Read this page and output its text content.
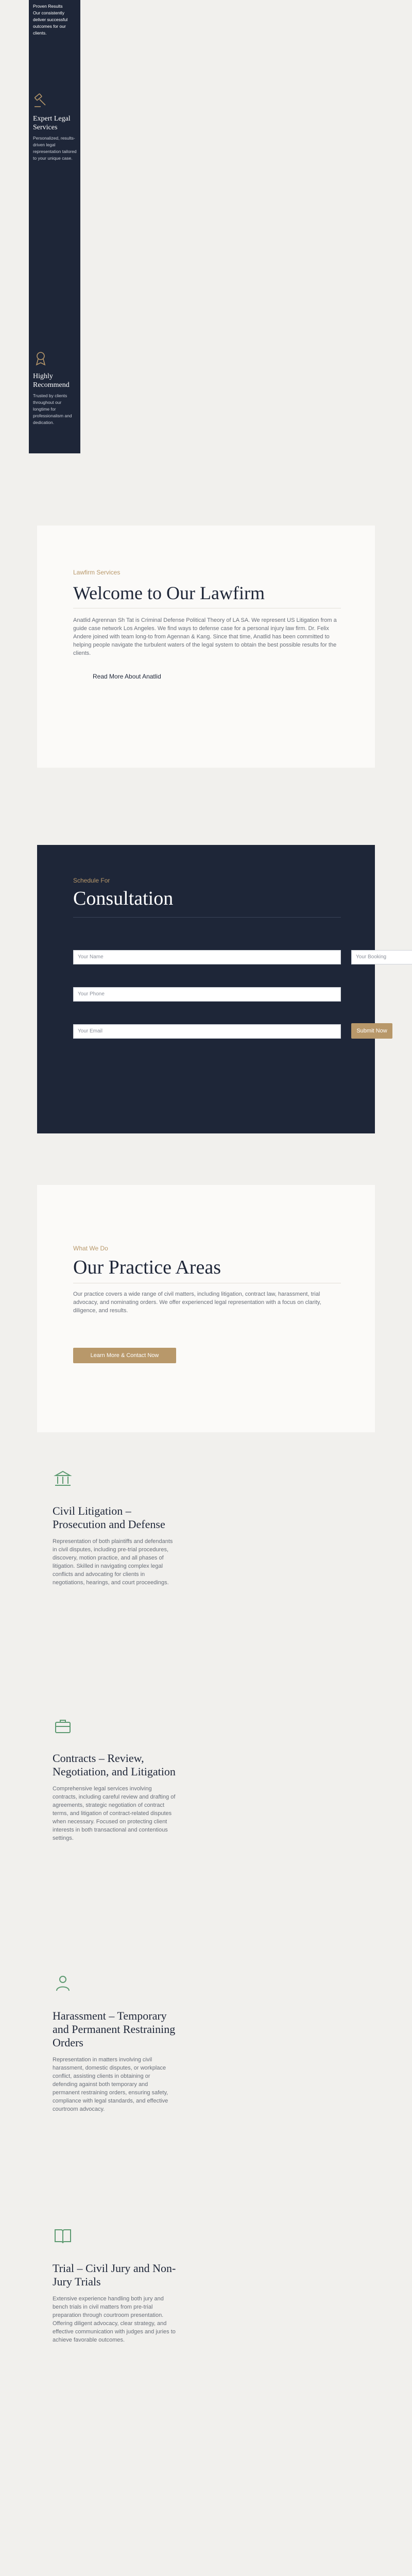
Proven Results
Our consistently deliver successful outcomes for our clients.
Expert Legal Services
Personalized, results-driven legal representation tailored to your unique case.
Highly Recommend
Trusted by clients throughout our longtime for professionalism and dedication.
Lawfirm Services
Welcome to Our Lawfirm
Anatlid Agrennan Sh Tat is Criminal Defense Political Theory of LA SA. We represent US Litigation from a guide case network Los Angeles. We find ways to defense case for a personal injury law firm. Dr. Felix Andere joined with team long-to from Agennan & Kang. Since that time, Anatlid has been committed to helping people navigate the turbulent waters of the legal system to obtain the best possible results for the clients.
Read More About Anatlid
Schedule For
Consultation
Your Name	Your Booking
Your Phone
Your Email	Submit Now
What We Do
Our Practice Areas
Our practice covers a wide range of civil matters, including litigation, contract law, harassment, trial advocacy, and nominating orders. We offer experienced legal representation with a focus on clarity, diligence, and results.
Learn More & Contact Now
Civil Litigation – Prosecution and Defense
Representation of both plaintiffs and defendants in civil disputes, including pre-trial procedures, discovery, motion practice, and all phases of litigation. Skilled in navigating complex legal conflicts and advocating for clients in negotiations, hearings, and court proceedings.
Contracts – Review, Negotiation, and Litigation
Comprehensive legal services involving contracts, including careful review and drafting of agreements, strategic negotiation of contract terms, and litigation of contract-related disputes when necessary. Focused on protecting client interests in both transactional and contentious settings.
Harassment – Temporary and Permanent Restraining Orders
Representation in matters involving civil harassment, domestic disputes, or workplace conflict, assisting clients in obtaining or defending against both temporary and permanent restraining orders, ensuring safety, compliance with legal standards, and effective courtroom advocacy.
Trial – Civil Jury and Non-Jury Trials
Extensive experience handling both jury and bench trials in civil matters from pre-trial preparation through courtroom presentation. Offering diligent advocacy, clear strategy, and effective communication with judges and juries to achieve favorable outcomes.
